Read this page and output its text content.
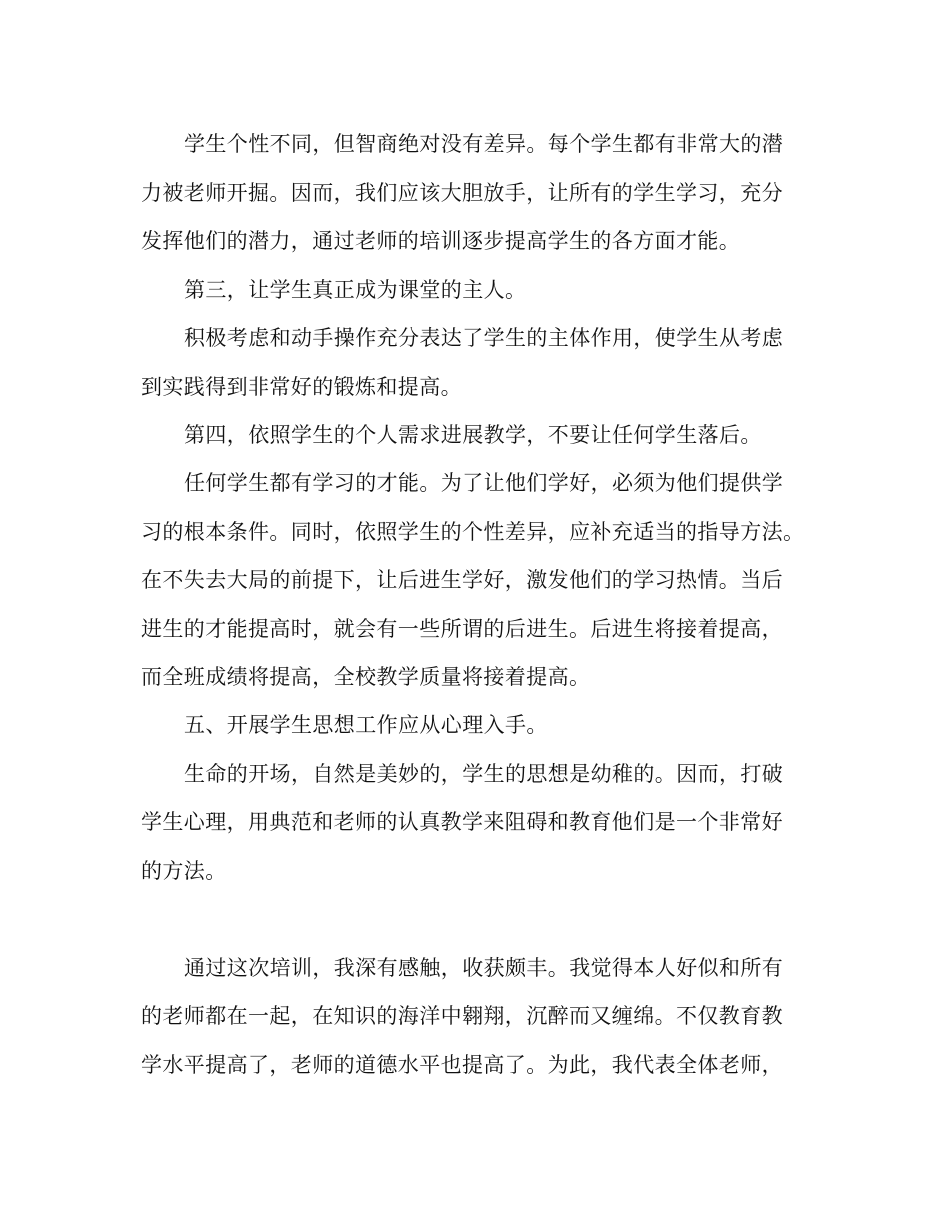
学生个性不同，但智商绝对没有差异。每个学生都有非常大的潜
力被老师开掘。因而，我们应该大胆放手，让所有的学生学习，充分
发挥他们的潜力，通过老师的培训逐步提高学生的各方面才能。
第三，让学生真正成为课堂的主人。
积极考虑和动手操作充分表达了学生的主体作用，使学生从考虑
到实践得到非常好的锻炼和提高。
第四，依照学生的个人需求进展教学，不要让任何学生落后。
任何学生都有学习的才能。为了让他们学好，必须为他们提供学
习的根本条件。同时，依照学生的个性差异，应补充适当的指导方法。
在不失去大局的前提下，让后进生学好，激发他们的学习热情。当后
进生的才能提高时，就会有一些所谓的后进生。后进生将接着提高，
而全班成绩将提高，全校教学质量将接着提高。
五、开展学生思想工作应从心理入手。
生命的开场，自然是美妙的，学生的思想是幼稚的。因而，打破
学生心理，用典范和老师的认真教学来阻碍和教育他们是一个非常好
的方法。
通过这次培训，我深有感触，收获颇丰。我觉得本人好似和所有
的老师都在一起，在知识的海洋中翱翔，沉醉而又缠绵。不仅教育教
学水平提高了，老师的道德水平也提高了。为此，我代表全体老师，
